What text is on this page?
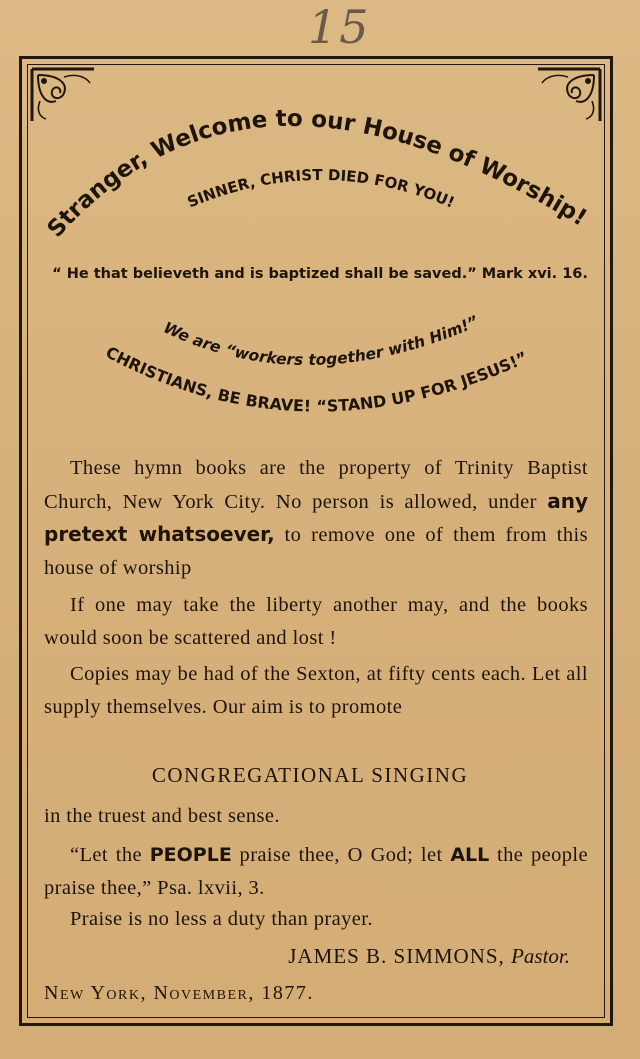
15
Stranger, Welcome to our House of Worship!
SINNER, CHRIST DIED FOR YOU!
We are “workers together with Him!”
CHRISTIANS, BE BRAVE! “STAND UP FOR JESUS!”
“ He that believeth and is baptized shall be saved.” Mark xvi. 16.

These hymn books are the property of Trinity Baptist Church, New York City. No person is allowed, under any pretext whatsoever, to remove one of them from this house of worship

If one may take the liberty another may, and the books would soon be scattered and lost !

Copies may be had of the Sexton, at fifty cents each. Let all supply themselves. Our aim is to promote

CONGREGATIONAL SINGING
in the truest and best sense.

“Let the PEOPLE praise thee, O God; let ALL the people praise thee,” Psa. lxvii, 3.

Praise is no less a duty than prayer.
JAMES B. SIMMONS, Pastor.
New York, November, 1877.
